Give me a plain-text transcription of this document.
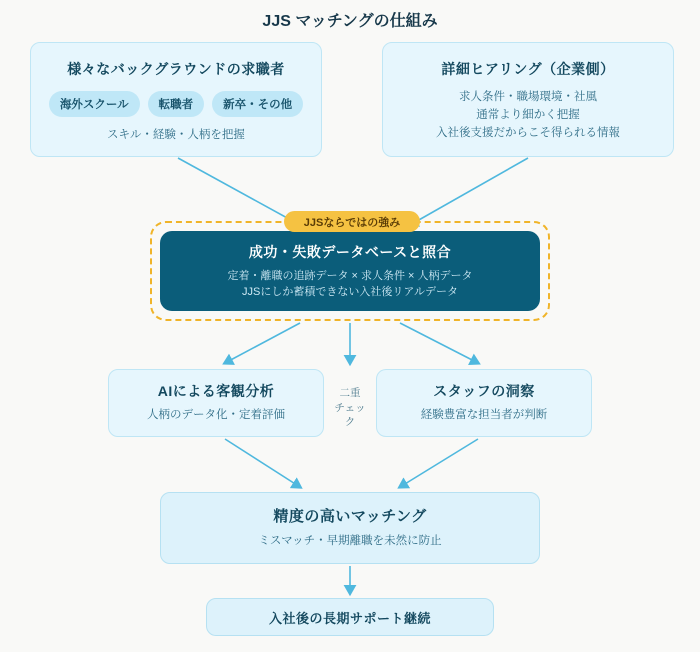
JJS マッチングの仕組み
様々なバックグラウンドの求職者
海外スクール	転職者	新卒・その他
スキル・経験・人柄を把握
詳細ヒアリング（企業側）
求人条件・職場環境・社風
通常より細かく把握
入社後支援だからこそ得られる情報
JJSならではの強み
成功・失敗データベースと照合
定着・離職の追跡データ × 求人条件 × 人柄データ
JJSにしか蓄積できない入社後リアルデータ
AIによる客観分析
人柄のデータ化・定着評価
スタッフの洞察
経験豊富な担当者が判断
二重
チェック
精度の高いマッチング
ミスマッチ・早期離職を未然に防止
入社後の長期サポート継続
